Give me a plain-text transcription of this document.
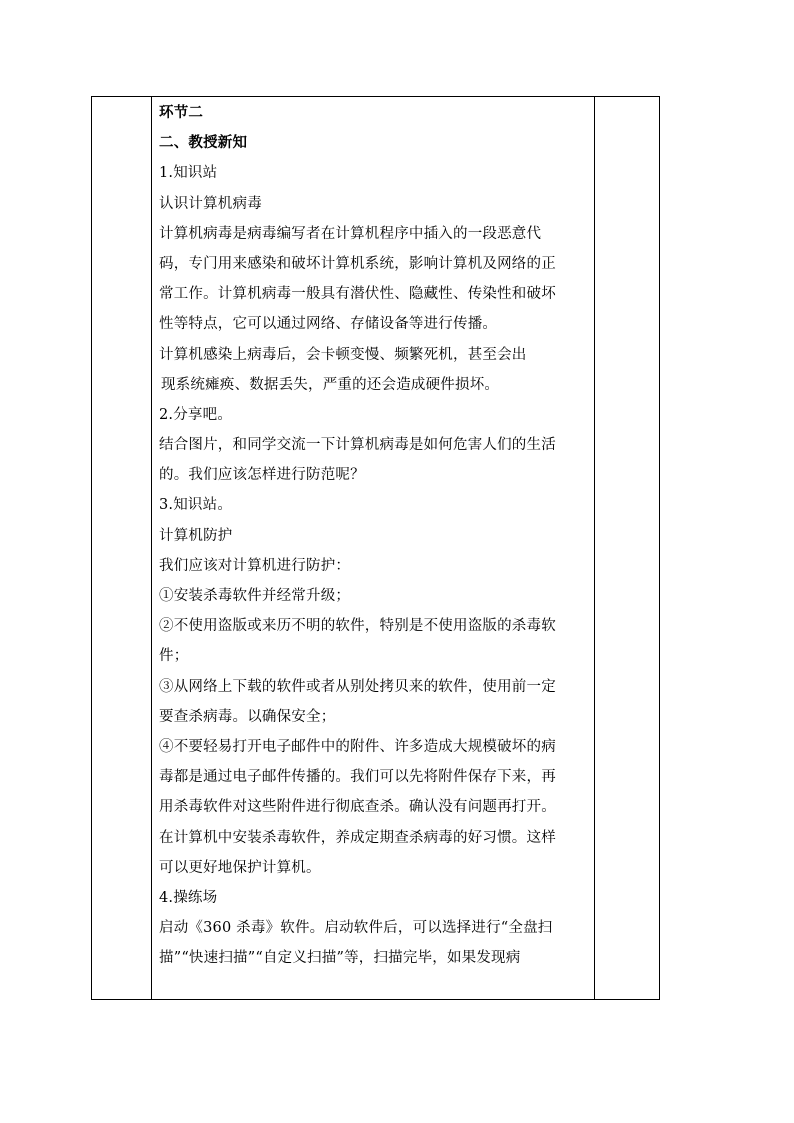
环节二
二、教授新知
1.知识站
认识计算机病毒
计算机病毒是病毒编写者在计算机程序中插入的一段恶意代
码，专门用来感染和破坏计算机系统，影响计算机及网络的正
常工作。计算机病毒一般具有潜伏性、隐藏性、传染性和破坏
性等特点，它可以通过网络、存储设备等进行传播。
计算机感染上病毒后，会卡顿变慢、频繁死机，甚至会出
现系统瘫痪、数据丢失，严重的还会造成硬件损坏。
2.分享吧。
结合图片，和同学交流一下计算机病毒是如何危害人们的生活
的。我们应该怎样进行防范呢？
3.知识站。
计算机防护
我们应该对计算机进行防护：
①安装杀毒软件并经常升级；
②不使用盗版或来历不明的软件，特别是不使用盗版的杀毒软
件；
③从网络上下载的软件或者从别处拷贝来的软件，使用前一定
要查杀病毒。以确保安全；
④不要轻易打开电子邮件中的附件、许多造成大规模破坏的病
毒都是通过电子邮件传播的。我们可以先将附件保存下来，再
用杀毒软件对这些附件进行彻底查杀。确认没有问题再打开。
在计算机中安装杀毒软件，养成定期查杀病毒的好习惯。这样
可以更好地保护计算机。
4.操练场
启动《360 杀毒》软件。启动软件后，可以选择进行“全盘扫
描”“快速扫描”“自定义扫描”等，扫描完毕，如果发现病
